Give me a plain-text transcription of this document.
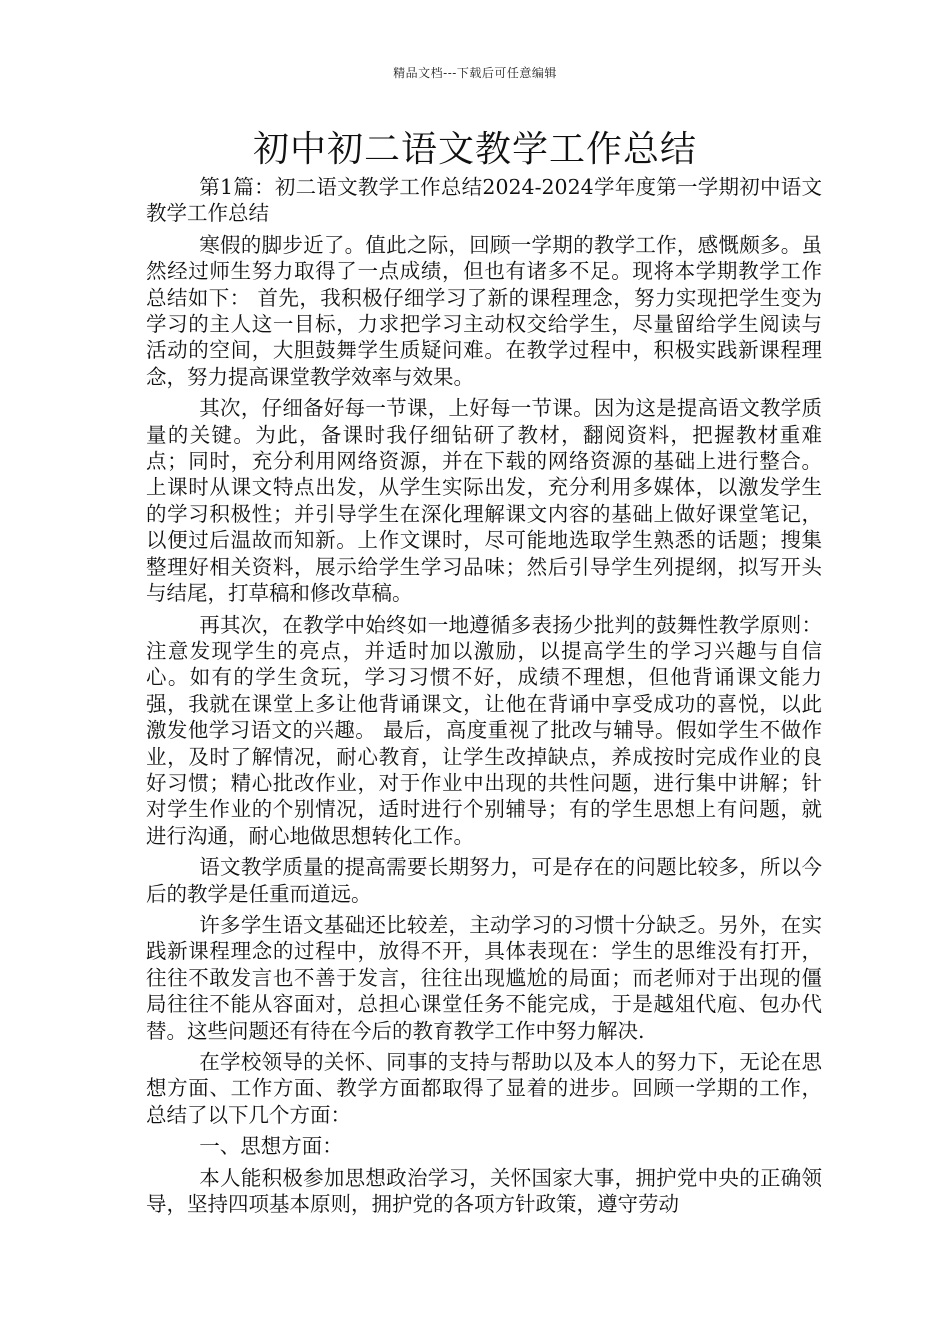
精品文档---下载后可任意编辑
初中初二语文教学工作总结

第1篇：初二语文教学工作总结2024-2024学年度第一学期初中语文教学工作总结

寒假的脚步近了。值此之际，回顾一学期的教学工作，感慨颇多。虽然经过师生努力取得了一点成绩，但也有诸多不足。现将本学期教学工作总结如下： 首先，我积极仔细学习了新的课程理念，努力实现把学生变为学习的主人这一目标，力求把学习主动权交给学生，尽量留给学生阅读与活动的空间，大胆鼓舞学生质疑问难。在教学过程中，积极实践新课程理念，努力提高课堂教学效率与效果。

其次，仔细备好每一节课，上好每一节课。因为这是提高语文教学质量的关键。为此，备课时我仔细钻研了教材，翻阅资料，把握教材重难点；同时，充分利用网络资源，并在下载的网络资源的基础上进行整合。上课时从课文特点出发，从学生实际出发，充分利用多媒体，以激发学生的学习积极性；并引导学生在深化理解课文内容的基础上做好课堂笔记，以便过后温故而知新。上作文课时，尽可能地选取学生熟悉的话题；搜集整理好相关资料，展示给学生学习品味；然后引导学生列提纲，拟写开头与结尾，打草稿和修改草稿。

再其次，在教学中始终如一地遵循多表扬少批判的鼓舞性教学原则：注意发现学生的亮点，并适时加以激励，以提高学生的学习兴趣与自信心。如有的学生贪玩，学习习惯不好，成绩不理想，但他背诵课文能力强，我就在课堂上多让他背诵课文，让他在背诵中享受成功的喜悦，以此激发他学习语文的兴趣。 最后，高度重视了批改与辅导。假如学生不做作业，及时了解情况，耐心教育，让学生改掉缺点，养成按时完成作业的良好习惯；精心批改作业，对于作业中出现的共性问题，进行集中讲解；针对学生作业的个别情况，适时进行个别辅导；有的学生思想上有问题，就进行沟通，耐心地做思想转化工作。

语文教学质量的提高需要长期努力，可是存在的问题比较多，所以今后的教学是任重而道远。

许多学生语文基础还比较差，主动学习的习惯十分缺乏。另外，在实践新课程理念的过程中，放得不开，具体表现在：学生的思维没有打开，往往不敢发言也不善于发言，往往出现尴尬的局面；而老师对于出现的僵局往往不能从容面对，总担心课堂任务不能完成，于是越俎代庖、包办代替。这些问题还有待在今后的教育教学工作中努力解决.

在学校领导的关怀、同事的支持与帮助以及本人的努力下，无论在思想方面、工作方面、教学方面都取得了显着的进步。回顾一学期的工作，总结了以下几个方面：

一、思想方面：

本人能积极参加思想政治学习，关怀国家大事，拥护党中央的正确领导，坚持四项基本原则，拥护党的各项方针政策，遵守劳动
